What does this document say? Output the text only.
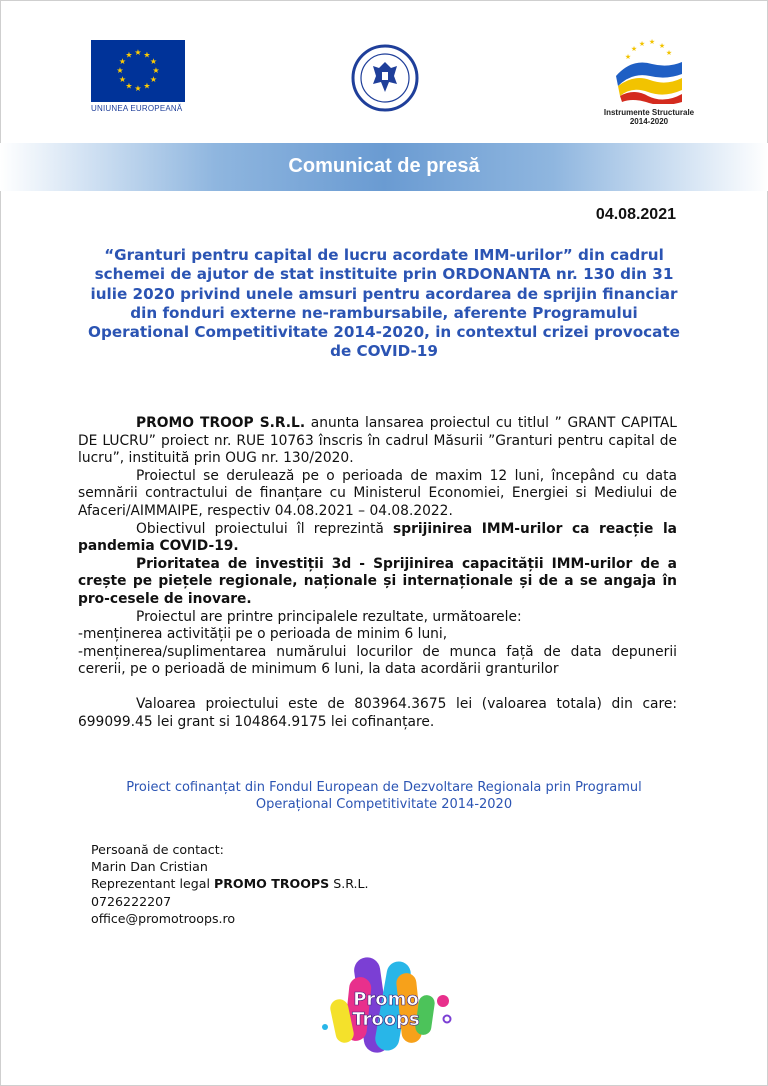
★ ★
★
★
★
★
★
★
★
★
★
★
UNIUNEA EUROPEANĂ
★ ★ ★
★
★
★
Instrumente Structurale
2014-2020
Comunicat de presă
04.08.2021
“Granturi pentru capital de lucru acordate IMM-urilor” din cadrul schemei de ajutor de stat instituite prin ORDONANTA nr. 130 din 31 iulie 2020 privind unele amsuri pentru acordarea de sprijin financiar din fonduri externe ne-rambursabile, aferente Programului Operational Competitivitate 2014-2020, in contextul crizei provocate de COVID-19

PROMO TROOP S.R.L. anunta lansarea proiectul cu titlul ” GRANT CAPITAL DE LUCRU” proiect nr. RUE 10763 înscris în cadrul Măsurii ”Granturi pentru capital de lucru”, instituită prin OUG nr. 130/2020.

Proiectul se derulează pe o perioada de maxim 12 luni, începând cu data semnării contractului de finanțare cu Ministerul Economiei, Energiei si Mediului de Afaceri/AIMMAIPE, respectiv 04.08.2021 – 04.08.2022.

Obiectivul proiectului îl reprezintă sprijinirea IMM-urilor ca reacție la pandemia COVID-19.

Prioritatea de investiții 3d - Sprijinirea capacității IMM-urilor de a crește pe piețele regionale, naționale și internaționale și de a se angaja în pro-cesele de inovare.

Proiectul are printre principalele rezultate, următoarele:

-menținerea activității pe o perioada de minim 6 luni,

-menținerea/suplimentarea numărului locurilor de munca față de data depunerii cererii, pe o perioadă de minimum 6 luni, la data acordării granturilor

Valoarea proiectului este de 803964.3675 lei (valoarea totala) din care: 699099.45 lei grant si 104864.9175 lei cofinanțare.

Proiect cofinanțat din Fondul European de Dezvoltare Regionala prin Programul Operațional Competitivitate 2014-2020
Persoană de contact:
Marin Dan Cristian
Reprezentant legal PROMO TROOPS S.R.L.
0726222207
office@promotroops.ro
Promo
Troops
